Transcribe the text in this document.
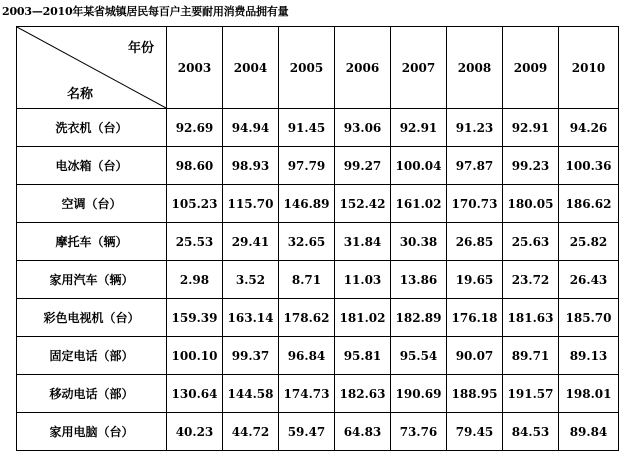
2003—2010年某省城镇居民每百户主要耐用消费品拥有量
年份
名称	2003	2004	2005	2006	2007	2008	2009	2010
洗衣机（台）	92.69	94.94	91.45	93.06	92.91	91.23	92.91	94.26
电冰箱（台）	98.60	98.93	97.79	99.27	100.04	97.87	99.23	100.36
空调（台）	105.23	115.70	146.89	152.42	161.02	170.73	180.05	186.62
摩托车（辆）	25.53	29.41	32.65	31.84	30.38	26.85	25.63	25.82
家用汽车（辆）	2.98	3.52	8.71	11.03	13.86	19.65	23.72	26.43
彩色电视机（台）	159.39	163.14	178.62	181.02	182.89	176.18	181.63	185.70
固定电话（部）	100.10	99.37	96.84	95.81	95.54	90.07	89.71	89.13
移动电话（部）	130.64	144.58	174.73	182.63	190.69	188.95	191.57	198.01
家用电脑（台）	40.23	44.72	59.47	64.83	73.76	79.45	84.53	89.84
